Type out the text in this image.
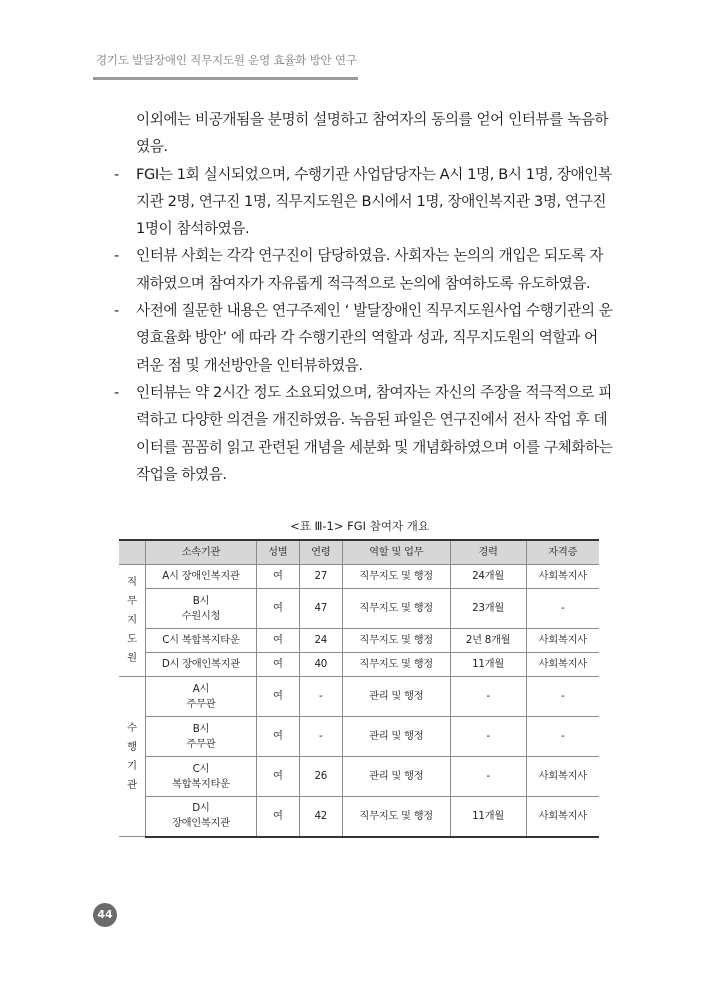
경기도 발달장애인 직무지도원 운영 효율화 방안 연구
이외에는 비공개됨을 분명히 설명하고 참여자의 동의를 얻어 인터뷰를 녹음하
였음.
- FGI는 1회 실시되었으며, 수행기관 사업담당자는 A시 1명, B시 1명, 장애인복
지관 2명, 연구진 1명, 직무지도원은 B시에서 1명, 장애인복지관 3명, 연구진
1명이 참석하였음.
- 인터뷰 사회는 각각 연구진이 담당하였음. 사회자는 논의의 개입은 되도록 자
재하였으며 참여자가 자유롭게 적극적으로 논의에 참여하도록 유도하였음.
- 사전에 질문한 내용은 연구주제인 ‘ 발달장애인 직무지도원사업 수행기관의 운
영효율화 방안’ 에 따라 각 수행기관의 역할과 성과, 직무지도원의 역할과 어
려운 점 및 개선방안을 인터뷰하였음.
- 인터뷰는 약 2시간 정도 소요되었으며, 참여자는 자신의 주장을 적극적으로 피
력하고 다양한 의견을 개진하였음. 녹음된 파일은 연구진에서 전사 작업 후 데
이터를 꼼꼼히 읽고 관련된 개념을 세분화 및 개념화하였으며 이를 구체화하는
작업을 하였음.
<표 Ⅲ-1> FGI 참여자 개요
	소속기관	성별	연령	역할 및 업무	경력	자격증
직무지도원	A시 장애인복지관	여	27	직무지도 및 행정	24개월	사회복지사
	B시
수원시청	여	47	직무지도 및 행정	23개월	-
	C시 복합복지타운	여	24	직무지도 및 행정	2년 8개월	사회복지사
	D시 장애인복지관	여	40	직무지도 및 행정	11개월	사회복지사
수행기관	A시
주무관	여	-	관리 및 행정	-	-
	B시
주무관	여	-	관리 및 행정	-	-
	C시
복합복지타운	여	26	관리 및 행정	-	사회복지사
	D시
장애인복지관	여	42	직무지도 및 행정	11개월	사회복지사
44
